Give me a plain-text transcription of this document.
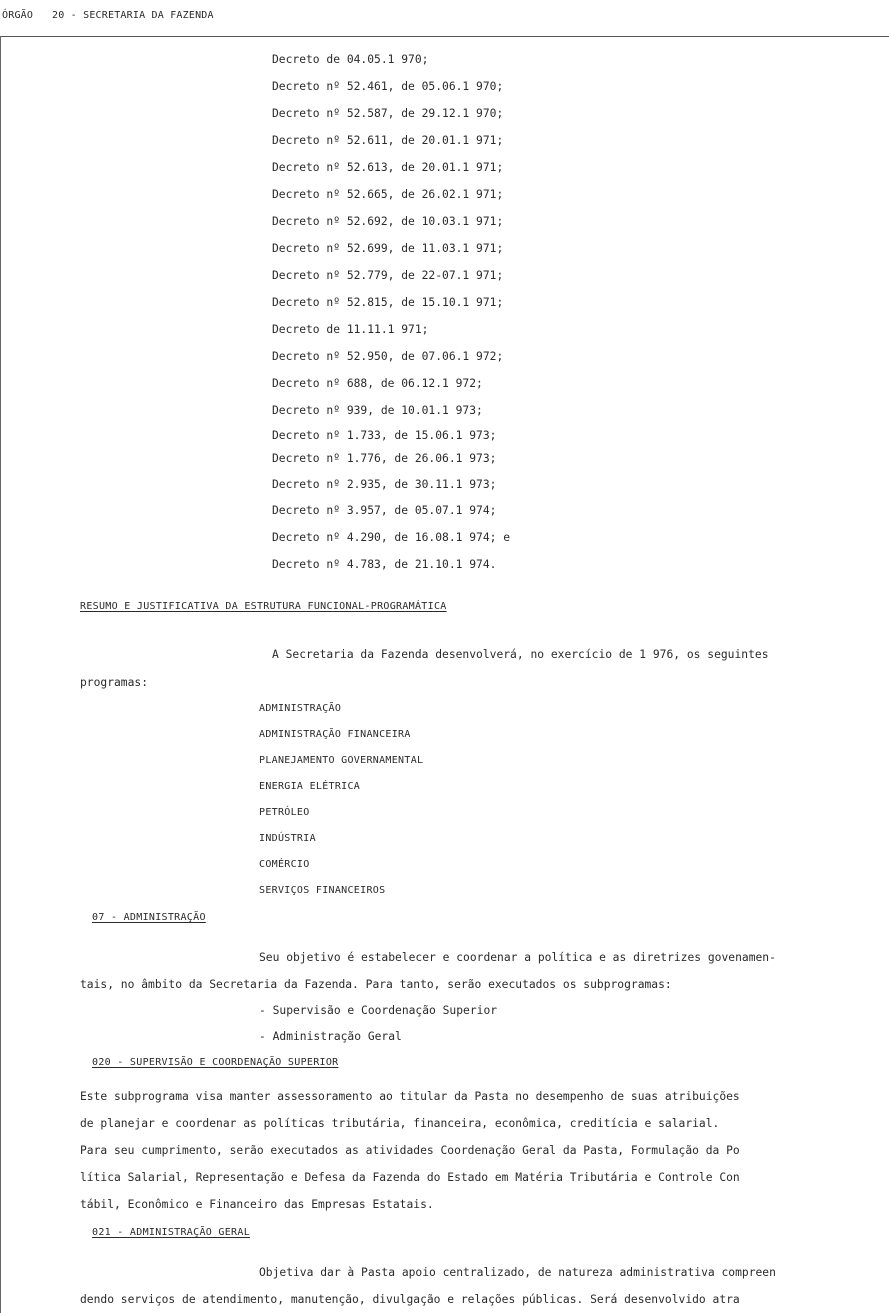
ÓRGÃO 20 - SECRETARIA DA FAZENDA
Decreto de 04.05.1 970;
Decreto nº 52.461, de 05.06.1 970;
Decreto nº 52.587, de 29.12.1 970;
Decreto nº 52.611, de 20.01.1 971;
Decreto nº 52.613, de 20.01.1 971;
Decreto nº 52.665, de 26.02.1 971;
Decreto nº 52.692, de 10.03.1 971;
Decreto nº 52.699, de 11.03.1 971;
Decreto nº 52.779, de 22-07.1 971;
Decreto nº 52.815, de 15.10.1 971;
Decreto de 11.11.1 971;
Decreto nº 52.950, de 07.06.1 972;
Decreto nº 688, de 06.12.1 972;
Decreto nº 939, de 10.01.1 973;
Decreto nº 1.733, de 15.06.1 973;
Decreto nº 1.776, de 26.06.1 973;
Decreto nº 2.935, de 30.11.1 973;
Decreto nº 3.957, de 05.07.1 974;
Decreto nº 4.290, de 16.08.1 974; e
Decreto nº 4.783, de 21.10.1 974.
RESUMO E JUSTIFICATIVA DA ESTRUTURA FUNCIONAL-PROGRAMÁTICA
A Secretaria da Fazenda desenvolverá, no exercício de 1 976, os seguintes
programas:
ADMINISTRAÇÃO
ADMINISTRAÇÃO FINANCEIRA
PLANEJAMENTO GOVERNAMENTAL
ENERGIA ELÉTRICA
PETRÓLEO
INDÚSTRIA
COMÉRCIO
SERVIÇOS FINANCEIROS
07 - ADMINISTRAÇÃO
Seu objetivo é estabelecer e coordenar a política e as diretrizes govenamen-
tais, no âmbito da Secretaria da Fazenda. Para tanto, serão executados os subprogramas:
- Supervisão e Coordenação Superior
- Administração Geral
020 - SUPERVISÃO E COORDENAÇÃO SUPERIOR
Este subprograma visa manter assessoramento ao titular da Pasta no desempenho de suas atribuições
de planejar e coordenar as políticas tributária, financeira, econômica, creditícia e salarial.
Para seu cumprimento, serão executados as atividades Coordenação Geral da Pasta, Formulação da Po
lítica Salarial, Representação e Defesa da Fazenda do Estado em Matéria Tributária e Controle Con
tábil, Econômico e Financeiro das Empresas Estatais.
021 - ADMINISTRAÇÃO GERAL
Objetiva dar à Pasta apoio centralizado, de natureza administrativa compreen
dendo serviços de atendimento, manutenção, divulgação e relações públicas. Será desenvolvido atra
